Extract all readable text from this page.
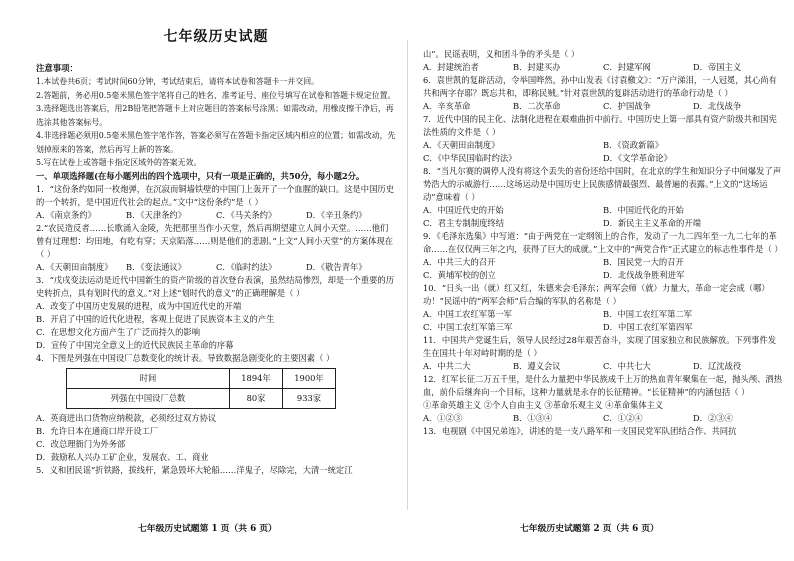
七年级历史试题
注意事项：
1.本试卷共6页；考试时间60分钟，考试结束后，请将本试卷和答题卡一并交回。
2.答题前，务必用0.5毫米黑色签字笔将自己的姓名、准考证号、座位号填写在试卷和答题卡规定位置。
3.选择题选出答案后，用2B铅笔把答题卡上对应题目的答案标号涂黑；如需改动，用橡皮擦干净后，再选涂其他答案标号。
4.非选择题必须用0.5毫米黑色签字笔作答，答案必须写在答题卡指定区域内相应的位置；如需改动，先划掉原来的答案，然后再写上新的答案。
5.写在试卷上或答题卡指定区域外的答案无效。
一、单项选择题(在每小题列出的四个选项中，只有一项是正确的，共50分，每小题2分。

1．“这份条约如同一枚炮弹，在沉寂而铜墙铁壁的中国门上轰开了一个血腥的缺口。这是中国历史的一个转折，是中国近代社会的起点。”文中“这份条约”是（ ）

A．《南京条约》	B．《天津条约》	C．《马关条约》	D．《辛丑条约》

2.“农民造反者……长歌涌入金陵，先把那里当作小天堂，然后再期望建立人间小天堂。……他们曾有过理想：均田地，有吃有穿；天京陷落……则是他们的悲剧。”上文“人间小天堂”的方案体现在（ ）

A．《天朝田亩制度》	B．《变法通议》	C．《临时约法》	D．《敬告青年》

3．“戊戌变法运动是近代中国新生的资产阶级的首次登台表演，虽然结局惨烈，却是一个重要的历史转折点，具有划时代的意义。”对上述“划时代的意义”的正确理解是（ ）

A．改变了中国历史发展的进程，成为中国近代史的开端
B．开启了中国的近代化进程，客观上促进了民族资本主义的产生
C．在思想文化方面产生了广泛而持久的影响
D．宣传了中国完全意义上的近代民族民主革命的序幕

4．下图是列强在中国设厂总数变化的统计表。导致数据急剧变化的主要因素（ ）

时间	1894年	1900年
列强在中国设厂总数	80家	933家
A．英商进出口货物应纳税款，必须经过双方协议
B．允许日本在通商口岸开设工厂
C．改总理衙门为外务部
D．鼓励私人兴办工矿企业，发展农、工、商业

5．义和团民谣“折铁路，拔线杆，紧急毁坏大轮船……洋鬼子，尽除完，大清一统定江

七年级历史试题第 1 页（共 6 页）

山”。民谣表明，义和团斗争的矛头是（ ）

A．封建统治者	B．封建买办	C．封建军阀	D．帝国主义

6．袁世凯的复辟活动，令举国哗然，孙中山发表《讨袁檄文》：“万户涕泪，一人冠冕，其心尚有共和两字存耶？既忘共和，即称民贼。”针对袁世凯的复辟活动进行的革命行动是（ ）

A．辛亥革命	B．二次革命	C．护国战争	D．北伐战争

7．近代中国的民主化、法制化进程在艰难曲折中前行。中国历史上第一部具有资产阶级共和国宪法性质的文件是（ ）

A．《天朝田亩制度》	B．《资政新篇》
C．《中华民国临时约法》	D．《文学革命论》

8．“当凡尔赛的调停人没有将这个丢失的省份还给中国时，在北京的学生和知识分子中间爆发了声势浩大的示威游行……这场运动是中国历史上民族感情最强烈、最普遍的表露。”上文的“这场运动”意味着（ ）

A．中国近代史的开始	B．中国近代化的开始
C．君主专制制度终结	D．新民主主义革命的开端

9．《毛泽东选集》中写道：“由于两党在一定纲领上的合作，发动了一九二四年至一九二七年的革命……在仅仅两三年之内，获得了巨大的成就。”上文中的“两党合作”正式建立的标志性事件是（ ）

A．中共三大的召开	B．国民党一大的召开
C．黄埔军校的创立	D．北伐战争胜利进军

10．“日头一出（就）红又红，朱德来会毛泽东；两军会师（就）力量大，革命一定会成（哪）功！”民谣中的“两军会师”后合编的军队的名称是（ ）

A．中国工农红军第一军	B．中国工农红军第二军
C．中国工农红军第三军	D．中国工农红军第四军

11．中国共产党诞生后，领导人民经过28年艰苦奋斗，实现了国家独立和民族解放。下列事件发生在国共十年对峙时期的是（ ）

A．中共二大	B．遵义会议	C．中共七大	D．辽沈战役

12．红军长征二万五千里，是什么力量把中华民族成千上万的热血青年聚集在一起，抛头颅、洒热血，前仆后继奔向一个目标，这种力量就是永存的长征精神。“长征精神”的内涵包括（ ）

①革命英雄主义 ②个人自由主义 ③革命乐观主义 ④革命集体主义
A．①②③	B．①③④	C．①②④	D．②③④

13．电视剧《中国兄弟连》，讲述的是一支八路军和一支国民党军队团结合作、共同抗

七年级历史试题第 2 页（共 6 页）
